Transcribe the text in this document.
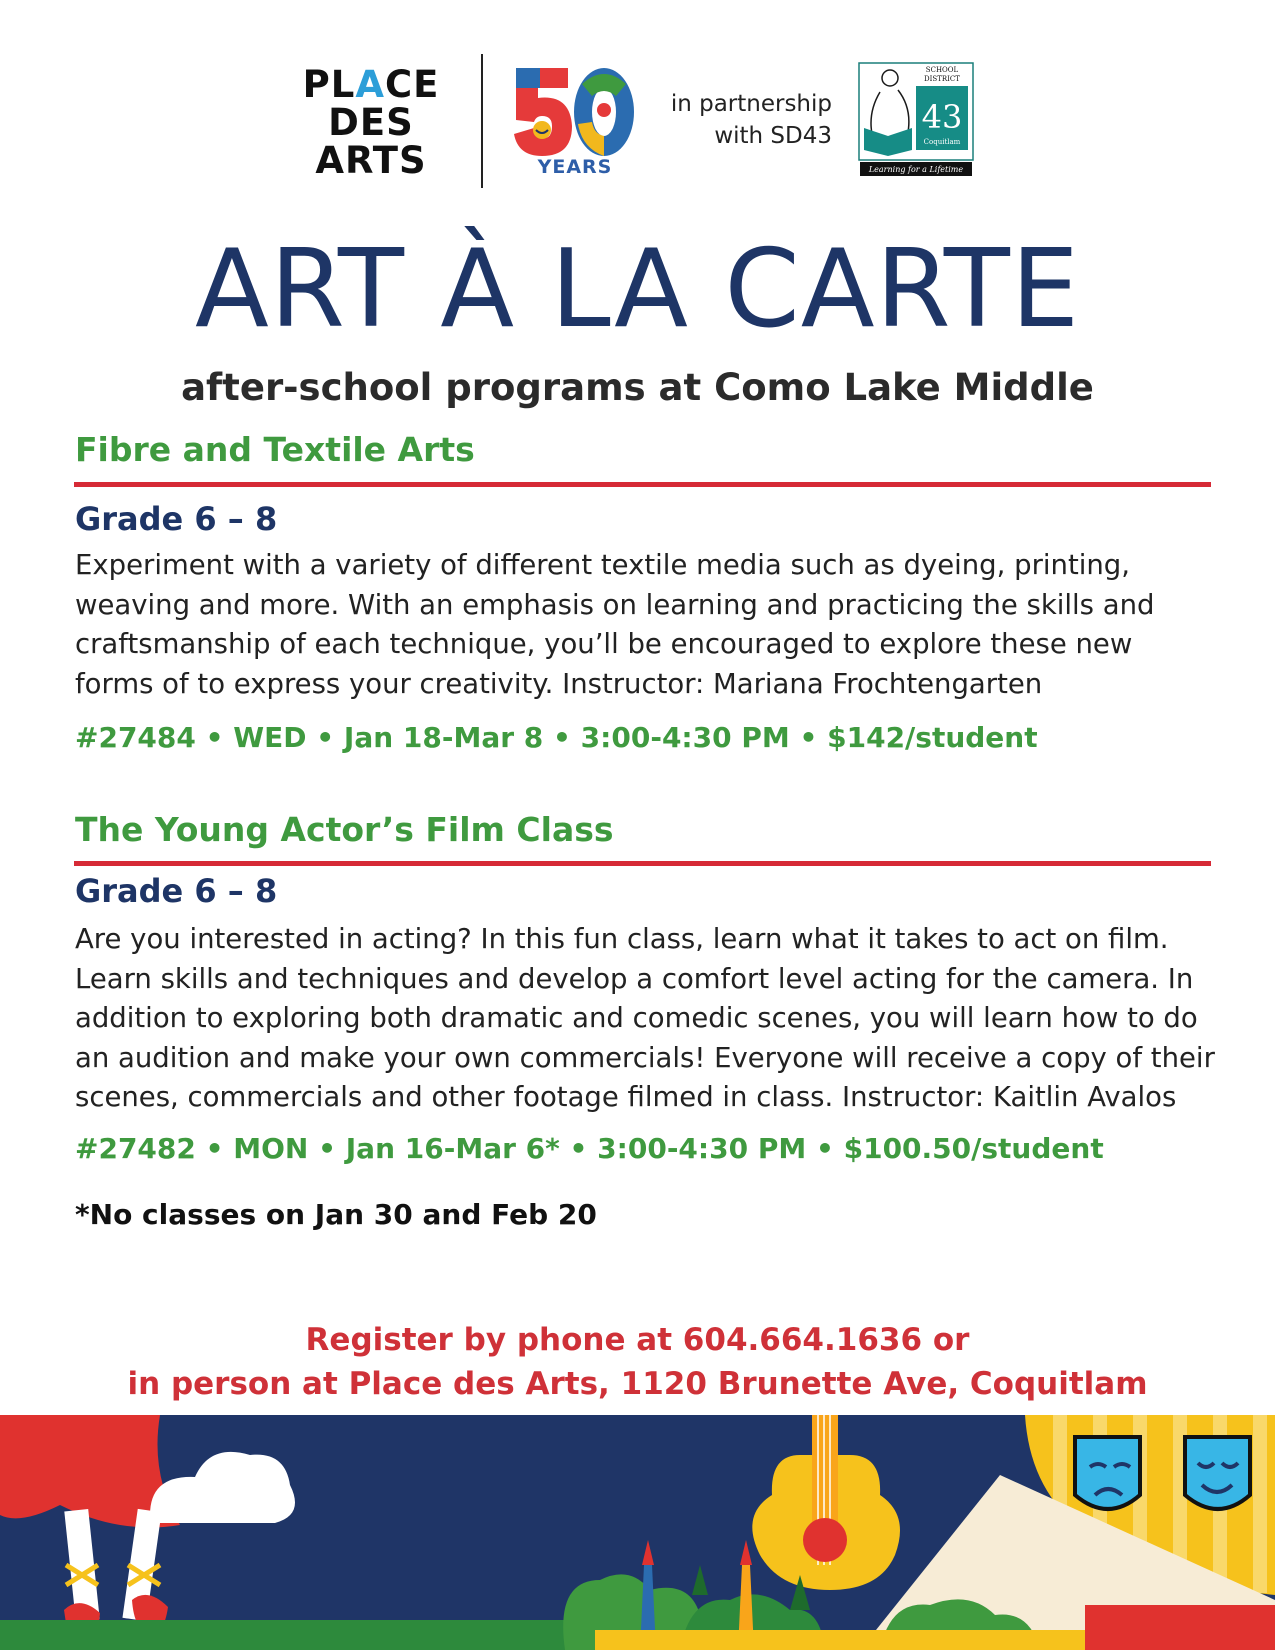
PLACE
DES
ARTS	YEARS
in partnership
with SD43
SCHOOL
DISTRICT
43
Coquitlam
Learning for a Lifetime
ART À LA CARTE
after-school programs at Como Lake Middle
Fibre and Textile Arts
Grade 6 – 8

Experiment with a variety of different textile media such as dyeing, printing, weaving and more. With an emphasis on learning and practicing the skills and craftsmanship of each technique, you’ll be encouraged to explore these new forms of to express your creativity. Instructor: Mariana Frochtengarten

#27484 • WED • Jan 18-Mar 8 • 3:00-4:30 PM • $142/student
The Young Actor’s Film Class
Grade 6 – 8

Are you interested in acting? In this fun class, learn what it takes to act on film. Learn skills and techniques and develop a comfort level acting for the camera. In addition to exploring both dramatic and comedic scenes, you will learn how to do an audition and make your own commercials! Everyone will receive a copy of their scenes, commercials and other footage filmed in class. Instructor: Kaitlin Avalos

#27482 • MON • Jan 16-Mar 6* • 3:00-4:30 PM • $100.50/student
*No classes on Jan 30 and Feb 20
Register by phone at 604.664.1636 or
in person at Place des Arts, 1120 Brunette Ave, Coquitlam
